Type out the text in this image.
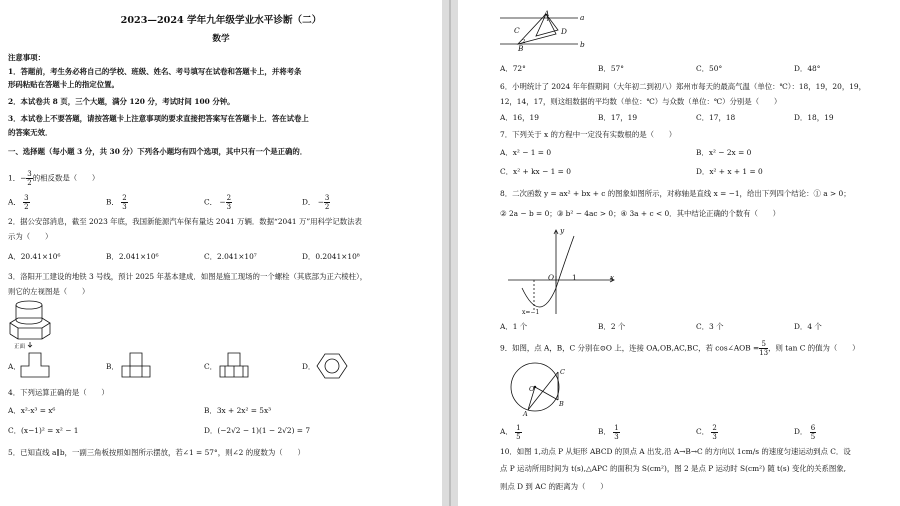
2023—2024 学年九年级学业水平诊断（二）
数学
注意事项：
1．答题前，考生务必将自己的学校、班级、姓名、考号填写在试卷和答题卡上，并将考条
形码粘贴在答题卡上的指定位置。
2．本试卷共 8 页，三个大题，满分 120 分，考试时间 100 分钟。
3．本试卷上不要答题，请按答题卡上注意事项的要求直接把答案写在答题卡上．答在试卷上
的答案无效．
一、选择题（每小题 3 分，共 30 分）下列各小题均有四个选项，其中只有一个是正确的．
1．− $\frac{3}{2}$ 的相反数是（　　）
A． $\frac{3}{2}$	B． $\frac{2}{3}$	C． − $\frac{2}{3}$	D． − $\frac{3}{2}$
2．据公安部消息，截至 2023 年底，我国新能源汽车保有量达 2041 万辆．数据“2041 万”用科学记数法表
示为（　　）
A．20.41×10⁶	B．2.041×10⁶	C．2.041×10⁷	D．0.2041×10⁸
3．洛阳开工建设的地铁 3 号线，预计 2025 年基本建成．如图是施工现场的一个螺栓（其底部为正六棱柱），
则它的左视图是（　　）
正面
A．	B．	C．	D．
4．下列运算正确的是（　　）
A．x²·x³ = x⁶	B．3x + 2x² = 5x³
C．(x−1)² = x² − 1	D．(−2√2 − 1)(1 − 2√2) = 7
5．已知直线 a∥b，一副三角板按照如图所示摆放，若∠1 = 57°，则∠2 的度数为（　　）
A	a
C	D
1
2
B	b
A．72°	B．57°	C．50°	D．48°
6．小明统计了 2024 年年假期间（大年初二到初八）郑州市每天的最高气温（单位：℃）：18，19，20，19，
12，14，17，则这组数据的平均数（单位：℃）与众数（单位：℃）分别是（　　）
A．16，19	B．17，19	C．17，18	D．18，19
7．下列关于 x 的方程中一定没有实数根的是（　　）
A．x² − 1 = 0	B．x² − 2x = 0
C．x² + kx − 1 = 0	D．x² + x + 1 = 0
8．二次函数 y = ax² + bx + c 的图象如图所示，对称轴是直线 x = −1，给出下列四个结论：① a > 0；
② 2a − b = 0；③ b² − 4ac > 0；④ 3a + c < 0．其中结论正确的个数有（　　）
y
O 1	x
x=−1
A．1 个	B．2 个	C．3 个	D．4 个
9．如图，点 A，B，C 分别在⊙O 上，连接 OA,OB,AC,BC，若 cos∠AOB = $\frac{5}{13}$ ，则 tan C 的值为（　　）
C
O
B
A
A． $\frac{1}{5}$	B． $\frac{1}{3}$	C． $\frac{2}{3}$	D． $\frac{6}{5}$
10．如图 1,动点 P 从矩形 ABCD 的顶点 A 出发,沿 A→B→C 的方向以 1cm/s 的速度匀速运动到点 C．设
点 P 运动所用时间为 t(s),△APC 的面积为 S(cm²)，图 2 是点 P 运动时 S(cm²) 随 t(s) 变化的关系图象,
则点 D 到 AC 的距离为（　　）
